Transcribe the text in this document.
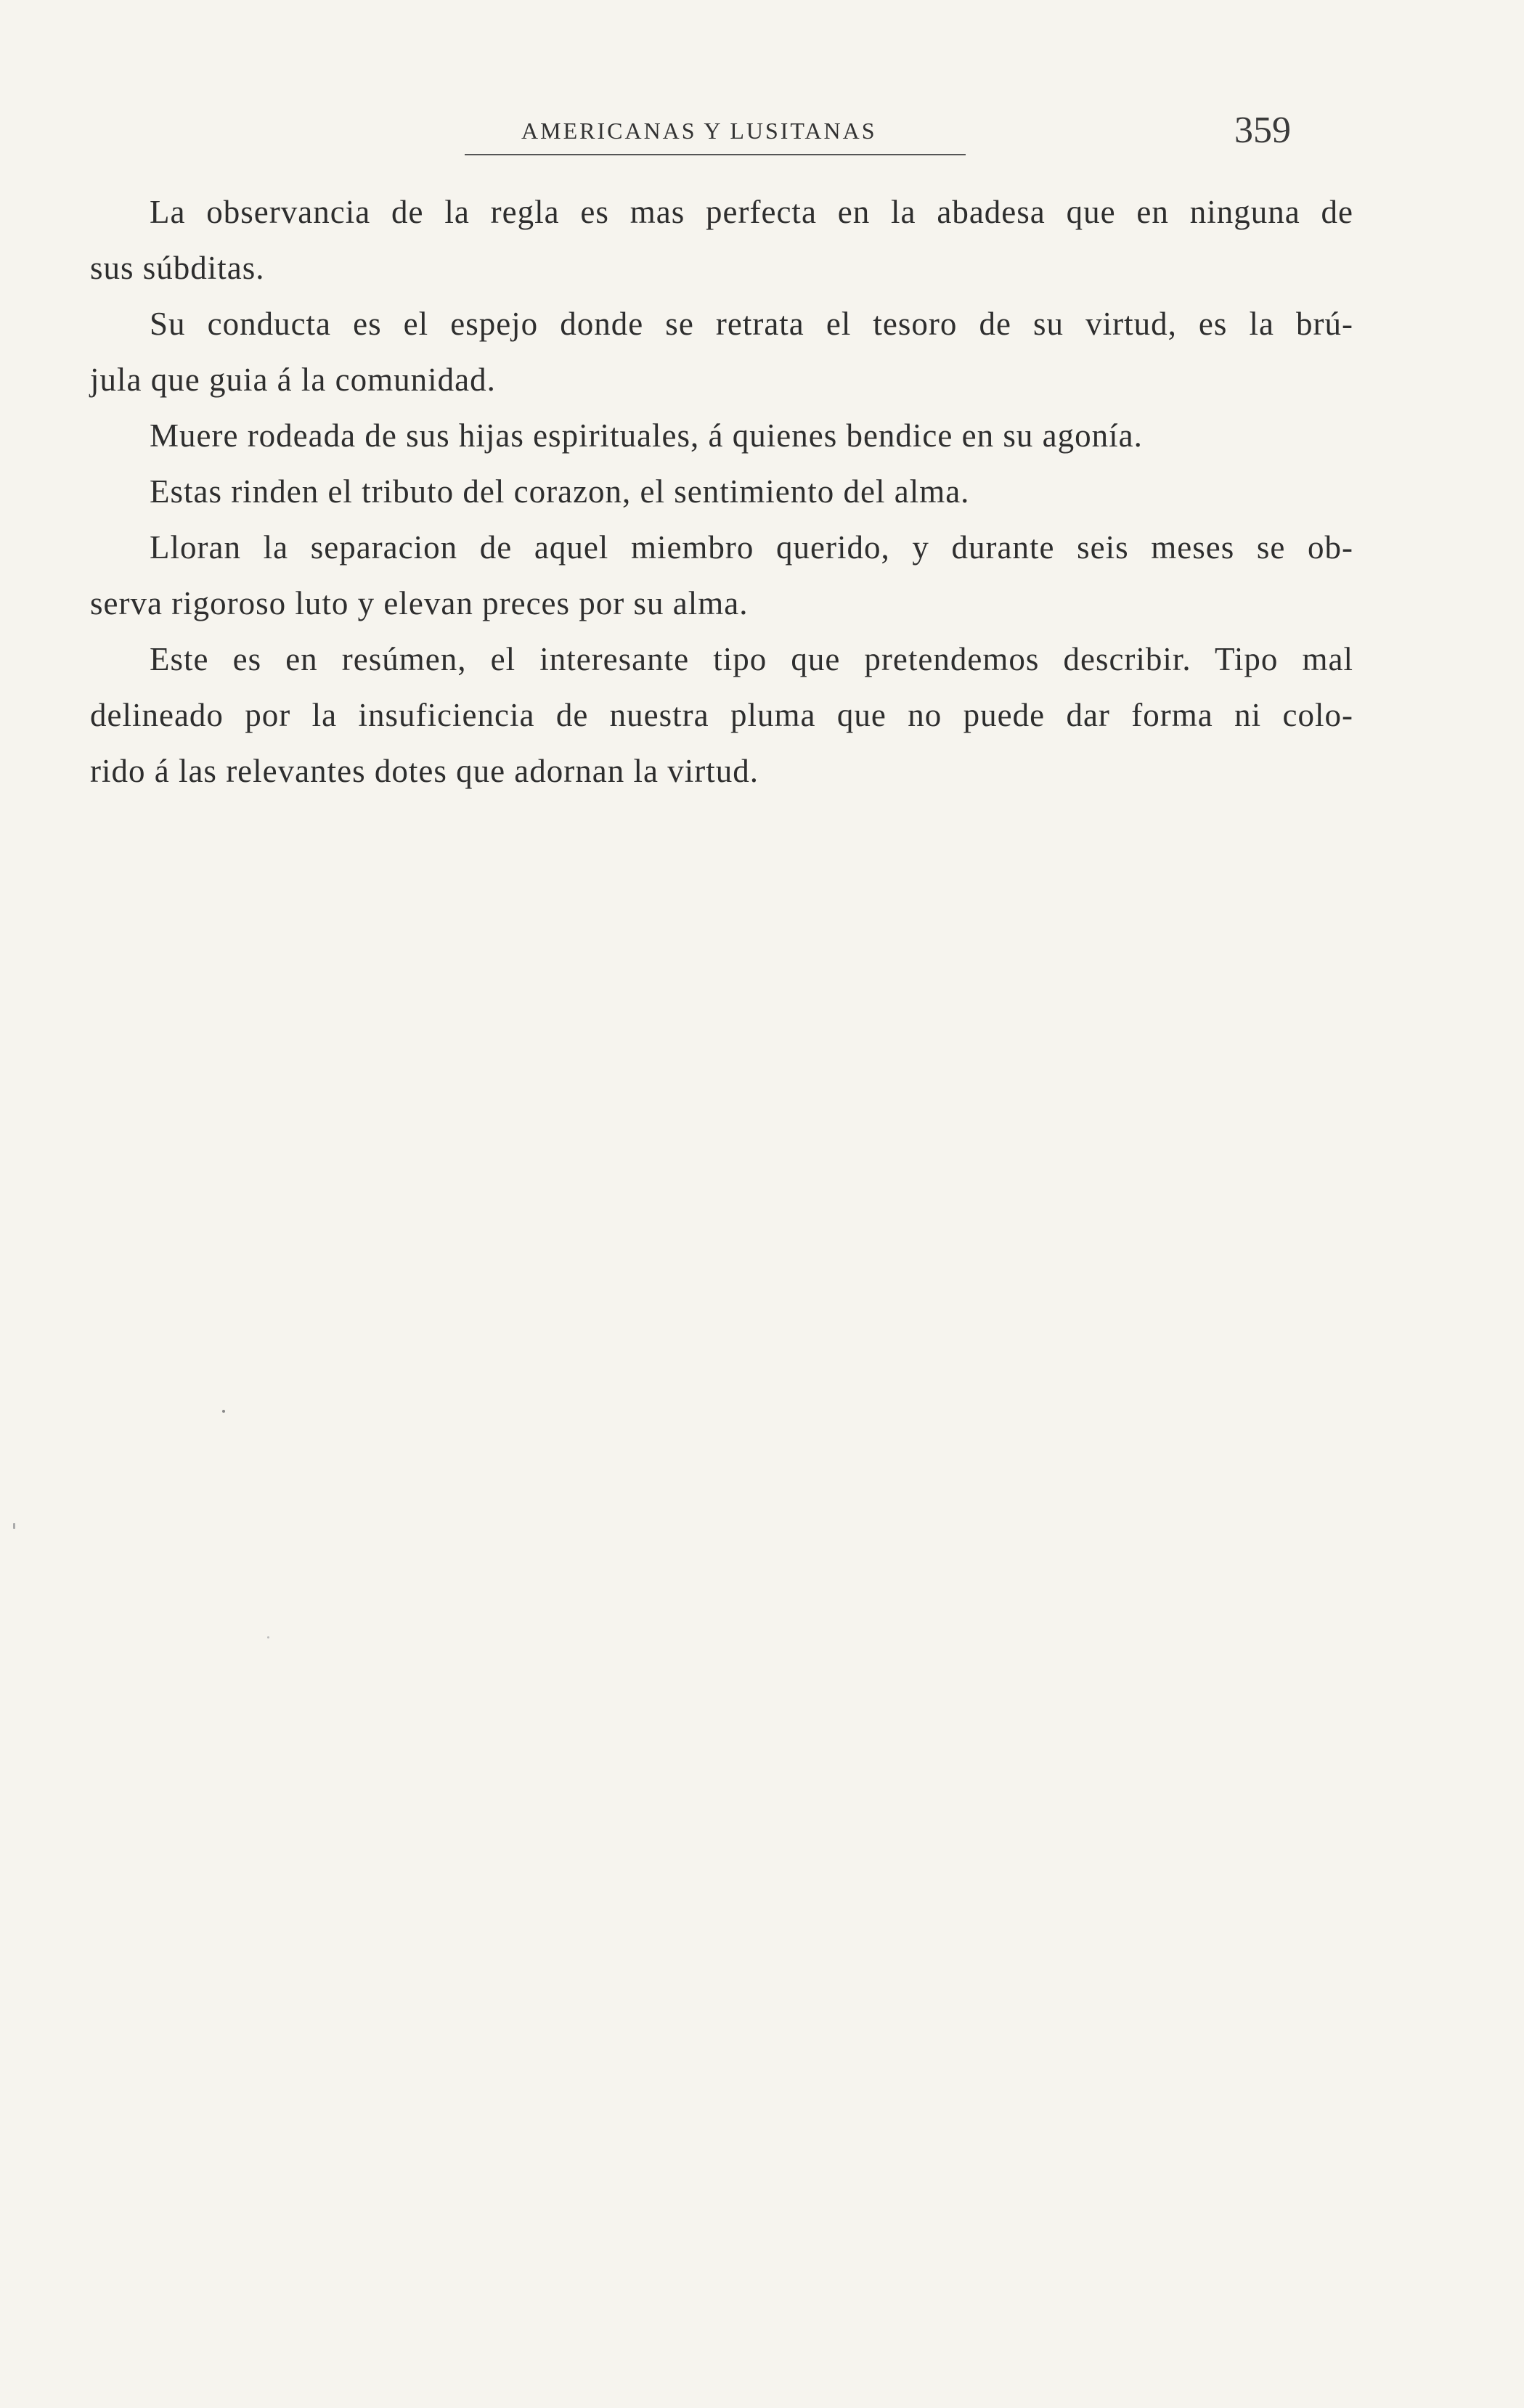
AMERICANAS Y LUSITANAS	359
La observancia de la regla es mas perfecta en la abadesa que en ninguna de
sus súbditas.
Su conducta es el espejo donde se retrata el tesoro de su virtud, es la brú-
jula que guia á la comunidad.
Muere rodeada de sus hijas espirituales, á quienes bendice en su agonía.
Estas rinden el tributo del corazon, el sentimiento del alma.
Lloran la separacion de aquel miembro querido, y durante seis meses se ob-
serva rigoroso luto y elevan preces por su alma.
Este es en resúmen, el interesante tipo que pretendemos describir. Tipo mal
delineado por la insuficiencia de nuestra pluma que no puede dar forma ni colo-
rido á las relevantes dotes que adornan la virtud.
